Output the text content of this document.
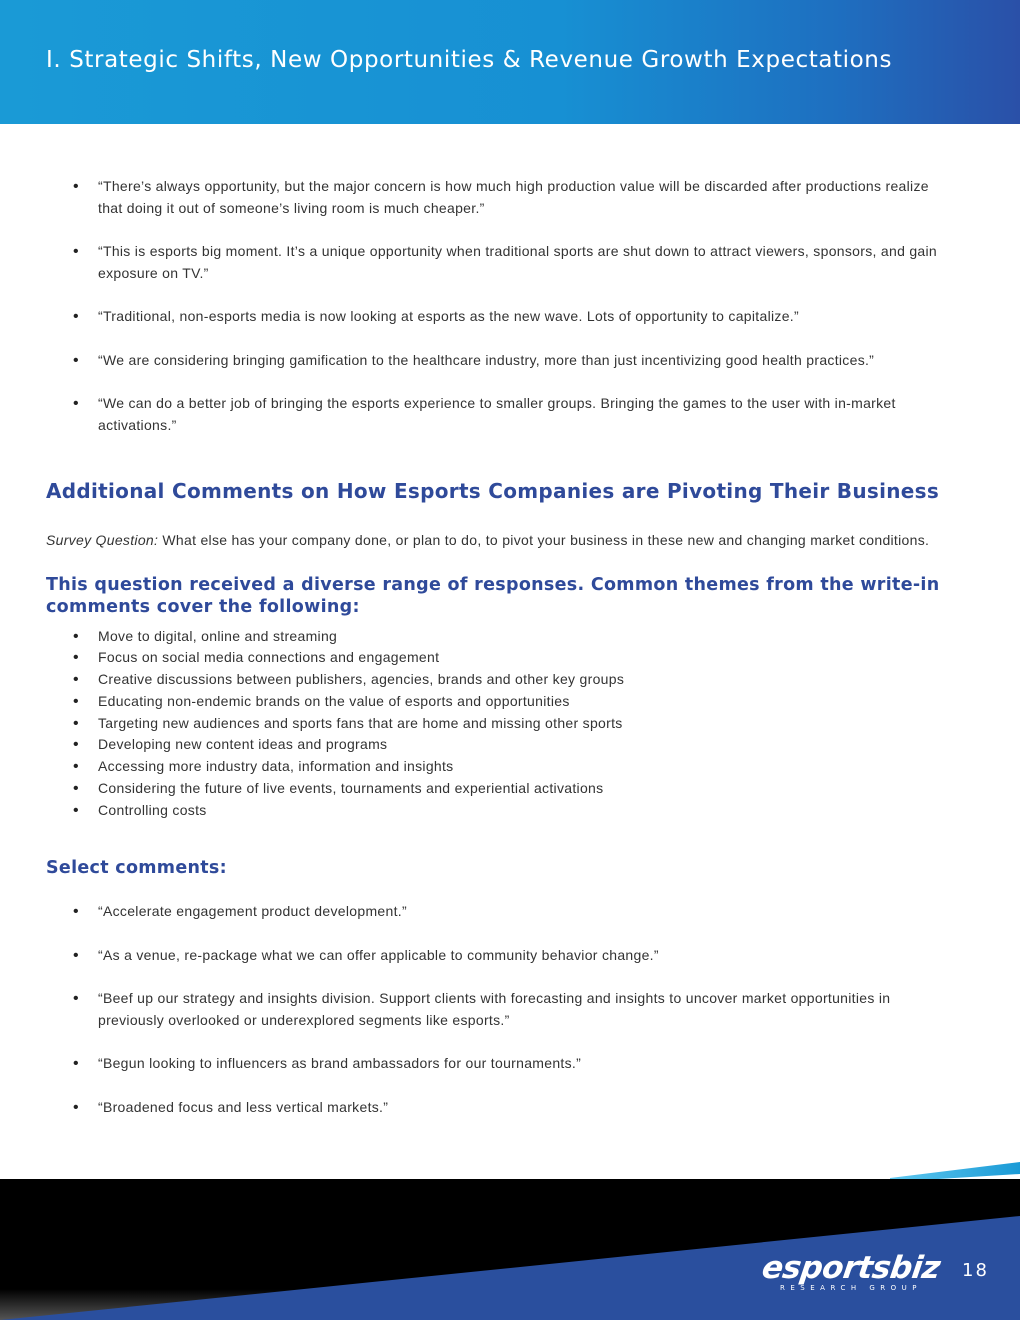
I. Strategic Shifts, New Opportunities & Revenue Growth Expectations
• “There’s always opportunity, but the major concern is how much high production value will be discarded after productions realize that doing it out of someone’s living room is much cheaper.”
• “This is esports big moment. It’s a unique opportunity when traditional sports are shut down to attract viewers, sponsors, and gain exposure on TV.”
• “Traditional, non-esports media is now looking at esports as the new wave. Lots of opportunity to capitalize.”
• “We are considering bringing gamification to the healthcare industry, more than just incentivizing good health practices.”
• “We can do a better job of bringing the esports experience to smaller groups. Bringing the games to the user with in-market activations.”
Additional Comments on How Esports Companies are Pivoting Their Business

Survey Question: What else has your company done, or plan to do, to pivot your business in these new and changing market conditions.

This question received a diverse range of responses. Common themes from the write-in comments cover the following:
• Move to digital, online and streaming
• Focus on social media connections and engagement
• Creative discussions between publishers, agencies, brands and other key groups
• Educating non-endemic brands on the value of esports and opportunities
• Targeting new audiences and sports fans that are home and missing other sports
• Developing new content ideas and programs
• Accessing more industry data, information and insights
• Considering the future of live events, tournaments and experiential activations
• Controlling costs
Select comments:
• “Accelerate engagement product development.”
• “As a venue, re-package what we can offer applicable to community behavior change.”
• “Beef up our strategy and insights division. Support clients with forecasting and insights to uncover market opportunities in previously overlooked or underexplored segments like esports.”
• “Begun looking to influencers as brand ambassadors for our tournaments.”
• “Broadened focus and less vertical markets.”
esportsbiz
RESEARCH GROUP
18
